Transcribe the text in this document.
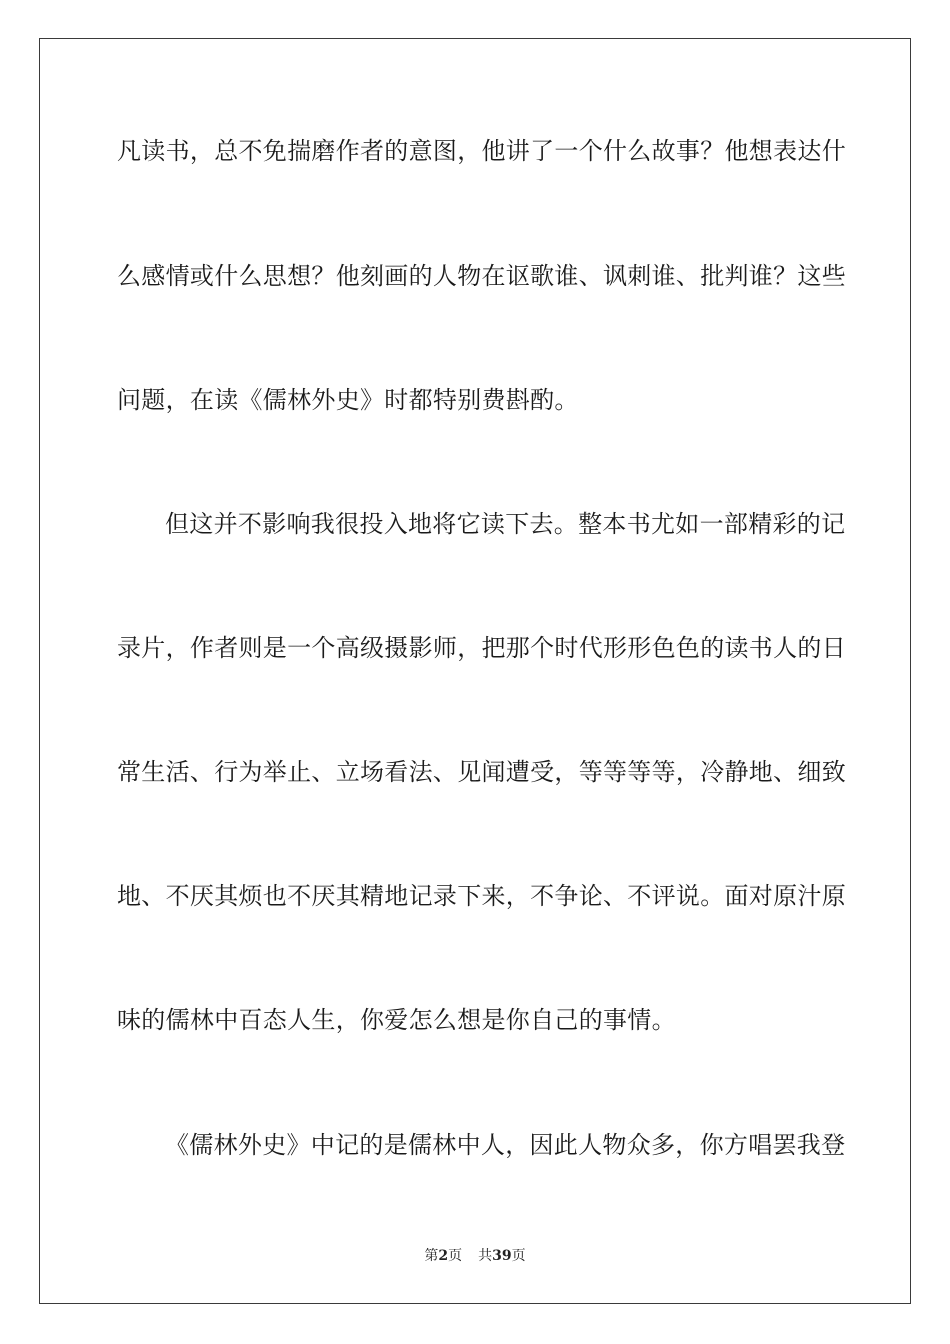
凡读书，总不免揣磨作者的意图，他讲了一个什么故事？他想表达什
么感情或什么思想？他刻画的人物在讴歌谁、讽刺谁、批判谁？这些
问题，在读《儒林外史》时都特别费斟酌。
但这并不影响我很投入地将它读下去。整本书尤如一部精彩的记
录片，作者则是一个高级摄影师，把那个时代形形色色的读书人的日
常生活、行为举止、立场看法、见闻遭受，等等等等，冷静地、细致
地、不厌其烦也不厌其精地记录下来，不争论、不评说。面对原汁原
味的儒林中百态人生，你爱怎么想是你自己的事情。
《儒林外史》中记的是儒林中人，因此人物众多，你方唱罢我登
第2页 共39页
